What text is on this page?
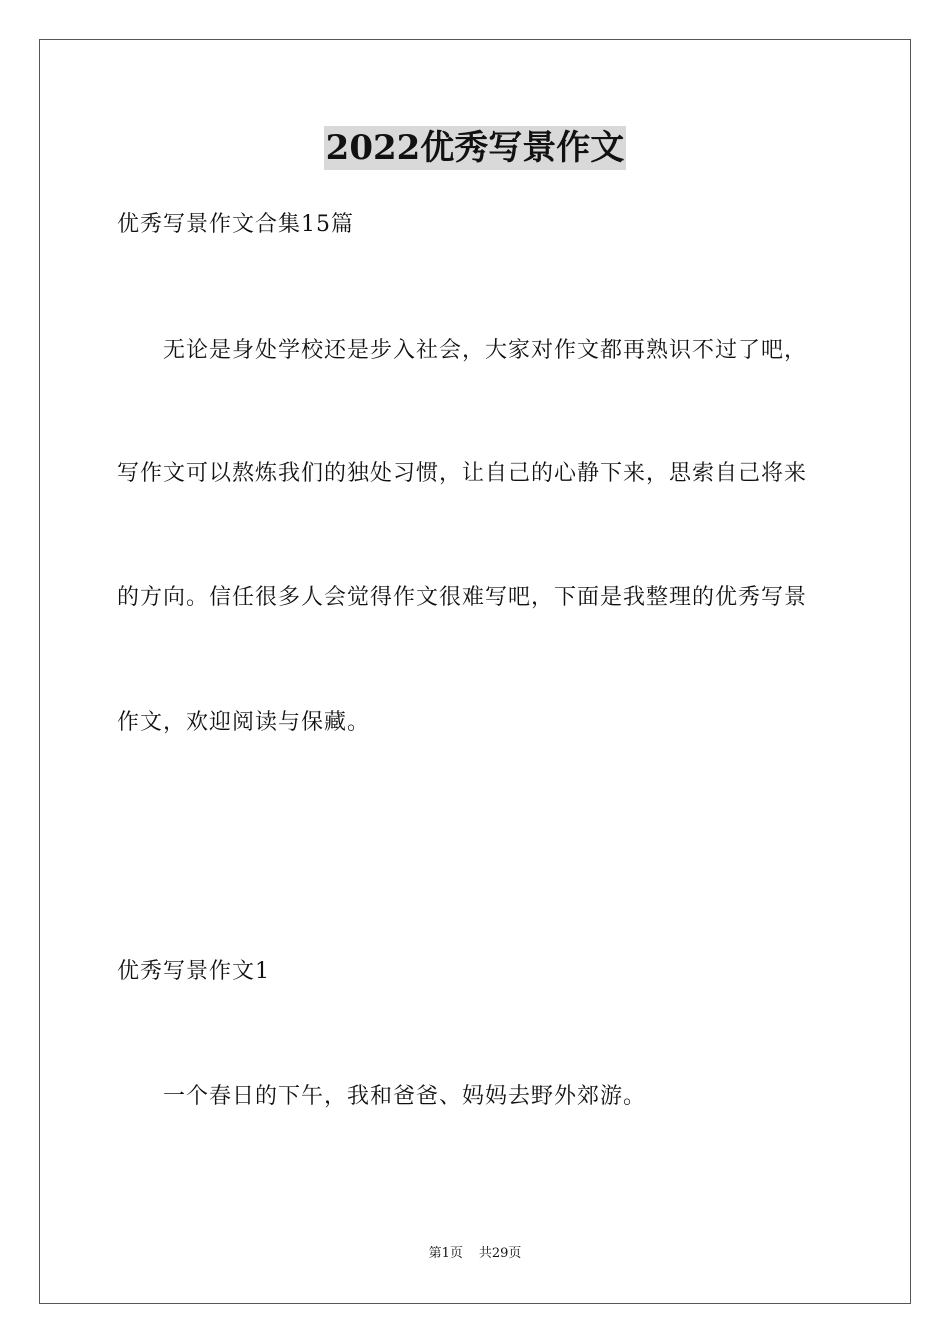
2022优秀写景作文
优秀写景作文合集15篇
无论是身处学校还是步入社会，大家对作文都再熟识不过了吧，
写作文可以熬炼我们的独处习惯，让自己的心静下来，思索自己将来
的方向。信任很多人会觉得作文很难写吧，下面是我整理的优秀写景
作文，欢迎阅读与保藏。
优秀写景作文1
一个春日的下午，我和爸爸、妈妈去野外郊游。
第1页 共29页
